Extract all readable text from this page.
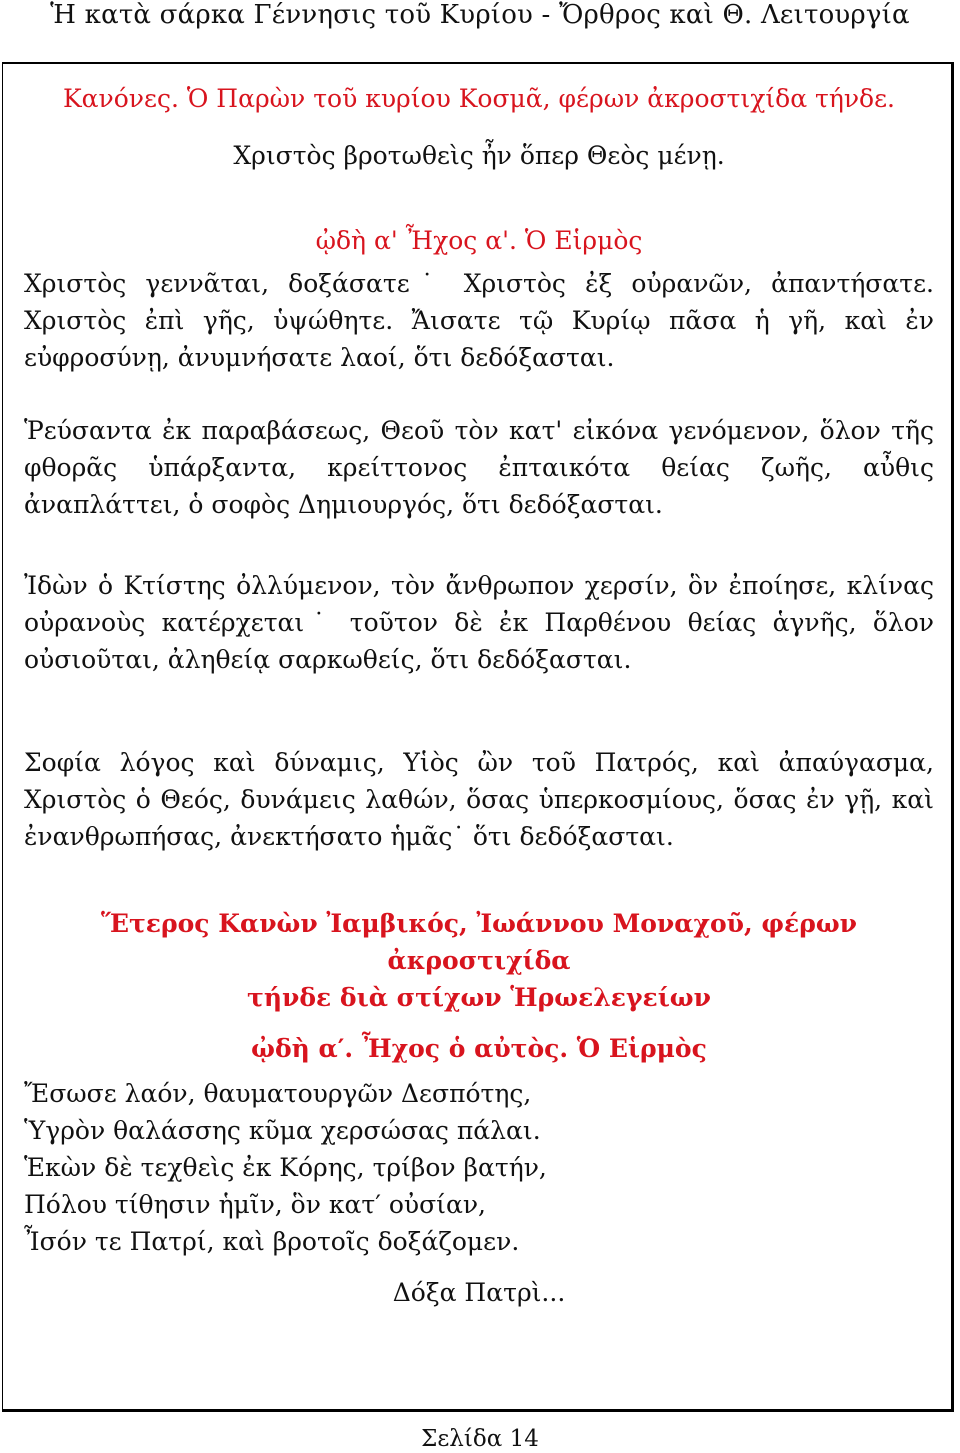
Ἡ κατὰ σάρκα Γέννησις τοῦ Κυρίου - Ὄρθρος καὶ Θ. Λειτουργία

Κανόνες. Ὁ Παρὼν τοῦ κυρίου Κοσμᾶ, φέρων ἀκροστιχίδα τήνδε.

Χριστὸς βροτωθεὶς ἦν ὅπερ Θεὸς μένῃ.

ᾠδὴ α' Ἦχος α'. Ὁ Εἱρμὸς

Χριστὸς γεννᾶται, δοξάσατε˙ Χριστὸς ἐξ οὐρανῶν, ἀπαντήσατε. Χριστὸς ἐπὶ γῆς, ὑψώθητε. Ἄισατε τῷ Κυρίῳ πᾶσα ἡ γῆ, καὶ ἐν εὐφροσύνῃ, ἀνυμνήσατε λαοί, ὅτι δεδόξασται.

Ῥεύσαντα ἐκ παραβάσεως, Θεοῦ τὸν κατ' εἰκόνα γενόμενον, ὅλον τῆς φθορᾶς ὑπάρξαντα, κρείττονος ἐπταικότα θείας ζωῆς, αὖθις ἀναπλάττει, ὁ σοφὸς Δημιουργός, ὅτι δεδόξασται.

Ἰδὼν ὁ Κτίστης ὀλλύμενον, τὸν ἄνθρωπον χερσίν, ὃν ἐποίησε, κλίνας οὐρανοὺς κατέρχεται˙ τοῦτον δὲ ἐκ Παρθένου θείας ἁγνῆς, ὅλον οὐσιοῦται, ἀληθείᾳ σαρκωθείς, ὅτι δεδόξασται.

Σοφία λόγος καὶ δύναμις, Υἱὸς ὢν τοῦ Πατρός, καὶ ἀπαύγασμα, Χριστὸς ὁ Θεός, δυνάμεις λαθών, ὅσας ὑπερκοσμίους, ὅσας ἐν γῇ, καὶ ἐνανθρωπήσας, ἀνεκτήσατο ἡμᾶς˙ ὅτι δεδόξασται.

Ἕτερος Κανὼν Ἰαμβικός, Ἰωάννου Μοναχοῦ, φέρων ἀκροστιχίδα

τήνδε διὰ στίχων Ἡρωελεγείων

ᾠδὴ α′. Ἦχος ὁ αὐτὸς. Ὁ Εἱρμὸς

Ἔσωσε λαόν, θαυματουργῶν Δεσπότης,

Ὑγρὸν θαλάσσης κῦμα χερσώσας πάλαι.

Ἑκὼν δὲ τεχθεὶς ἐκ Κόρης, τρίβον βατήν,

Πόλου τίθησιν ἡμῖν, ὃν κατ′ οὐσίαν,

Ἶσόν τε Πατρί, καὶ βροτοῖς δοξάζομεν.

Δόξα Πατρὶ...

Σελίδα 14
